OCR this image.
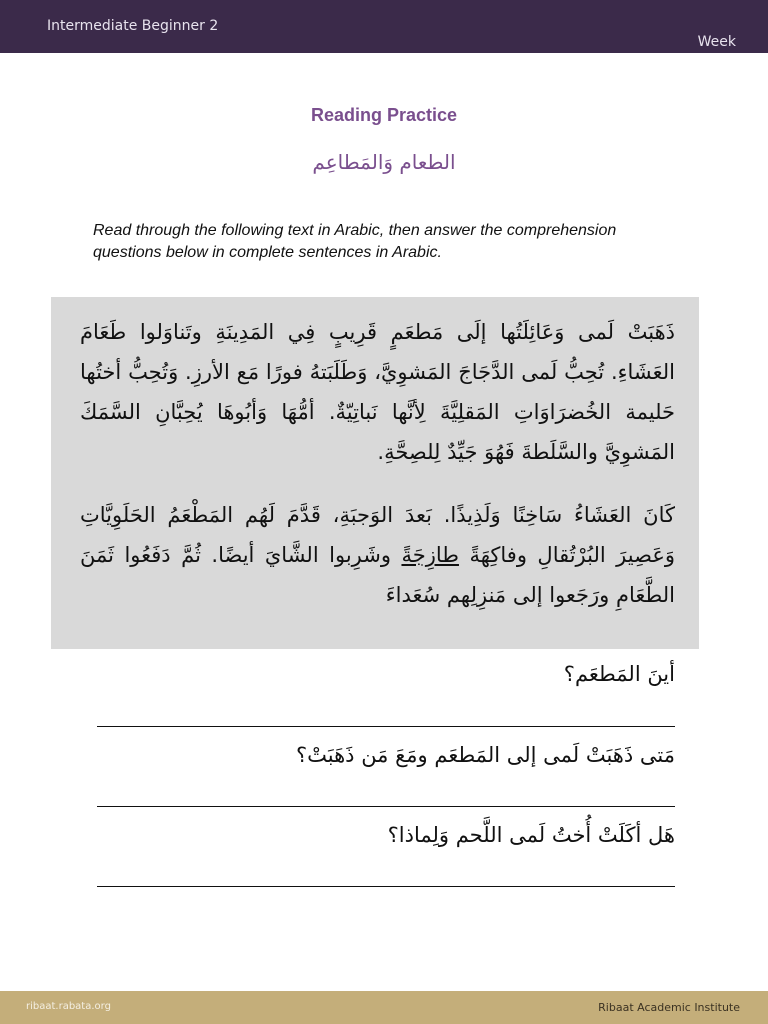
Intermediate Beginner 2
Week
Reading Practice
الطعام وَالمَطاعِم
Read through the following text in Arabic, then answer the comprehension questions below in complete sentences in Arabic.

ذَهَبَتْ لَمى وَعَائِلَتُها إلَى مَطعَمٍ قَرِيبٍ فِي المَدِينَةِ وتَناوَلوا طَعَامَ العَشَاءِ. تُحِبُّ لَمى الدَّجَاجَ المَشوِيَّ، وَطَلَبَتهُ فورًا مَع الأرزِ. وَتُحِبُّ أختُها حَليمة الخُضرَاوَاتِ المَقلِيَّةَ لِأنَّها نَباتِيّةٌ. أمُّهَا وَأبُوهَا يُحِبَّانِ السَّمَكَ المَشوِيَّ والسَّلَطةَ فَهُوَ جَيِّدٌ لِلصِحَّةِ.

كَانَ العَشَاءُ سَاخِنًا وَلَذِيذًا. بَعدَ الوَجبَةِ، قَدَّمَ لَهُم المَطْعَمُ الحَلَوِيَّاتِ وَعَصِيرَ البُرْتُقالِ وفاكِهَةً طازِجَةً وشَرِبوا الشَّايَ أيضًا. ثُمَّ دَفَعُوا ثَمَنَ الطَّعَامِ ورَجَعوا إلى مَنزِلِهم سُعَداءَ

أينَ المَطعَم؟
مَتى ذَهَبَتْ لَمى إلى المَطعَم ومَعَ مَن ذَهَبَتْ؟
هَل أكَلَتْ أُختُ لَمى اللَّحم وَلِماذا؟
ribaat.rabata.org	Ribaat Academic Institute
